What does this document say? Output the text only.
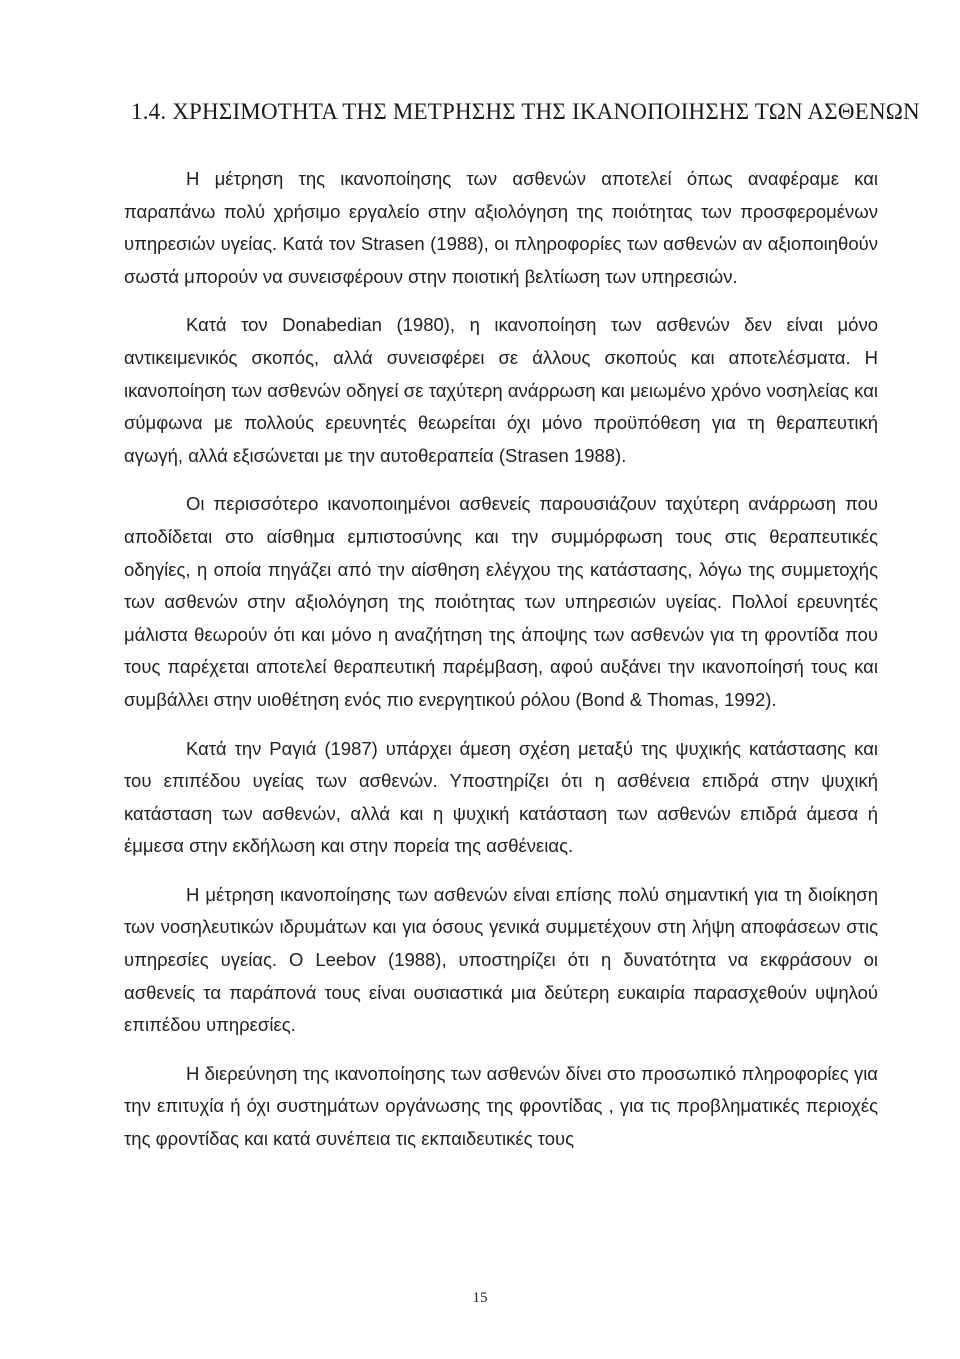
1.4. ΧΡΗΣΙΜΟΤΗΤΑ ΤΗΣ ΜΕΤΡΗΣΗΣ ΤΗΣ ΙΚΑΝΟΠΟΙΗΣΗΣ ΤΩΝ ΑΣΘΕΝΩΝ

Η μέτρηση της ικανοποίησης των ασθενών αποτελεί όπως αναφέραμε και παραπάνω πολύ χρήσιμο εργαλείο στην αξιολόγηση της ποιότητας των προσφερομένων υπηρεσιών υγείας. Κατά τον Strasen (1988), οι πληροφορίες των ασθενών αν αξιοποιηθούν σωστά μπορούν να συνεισφέρουν στην ποιοτική βελτίωση των υπηρεσιών.

Κατά τον Donabedian (1980), η ικανοποίηση των ασθενών δεν είναι μόνο αντικειμενικός σκοπός, αλλά συνεισφέρει σε άλλους σκοπούς και αποτελέσματα. Η ικανοποίηση των ασθενών οδηγεί σε ταχύτερη ανάρρωση και μειωμένο χρόνο νοσηλείας και σύμφωνα με πολλούς ερευνητές θεωρείται όχι μόνο προϋπόθεση για τη θεραπευτική αγωγή, αλλά εξισώνεται με την αυτοθεραπεία (Strasen 1988).

Οι περισσότερο ικανοποιημένοι ασθενείς παρουσιάζουν ταχύτερη ανάρρωση που αποδίδεται στο αίσθημα εμπιστοσύνης και την συμμόρφωση τους στις θεραπευτικές οδηγίες, η οποία πηγάζει από την αίσθηση ελέγχου της κατάστασης, λόγω της συμμετοχής των ασθενών στην αξιολόγηση της ποιότητας των υπηρεσιών υγείας. Πολλοί ερευνητές μάλιστα θεωρούν ότι και μόνο η αναζήτηση της άποψης των ασθενών για τη φροντίδα που τους παρέχεται αποτελεί θεραπευτική παρέμβαση, αφού αυξάνει την ικανοποίησή τους και συμβάλλει στην υιοθέτηση ενός πιο ενεργητικού ρόλου (Bond & Thomas, 1992).

Κατά την Ραγιά (1987) υπάρχει άμεση σχέση μεταξύ της ψυχικής κατάστασης και του επιπέδου υγείας των ασθενών. Υποστηρίζει ότι η ασθένεια επιδρά στην ψυχική κατάσταση των ασθενών, αλλά και η ψυχική κατάσταση των ασθενών επιδρά άμεσα ή έμμεσα στην εκδήλωση και στην πορεία της ασθένειας.

Η μέτρηση ικανοποίησης των ασθενών είναι επίσης πολύ σημαντική για τη διοίκηση των νοσηλευτικών ιδρυμάτων και για όσους γενικά συμμετέχουν στη λήψη αποφάσεων στις υπηρεσίες υγείας. Ο Leebov (1988), υποστηρίζει ότι η δυνατότητα να εκφράσουν οι ασθενείς τα παράπονά τους είναι ουσιαστικά μια δεύτερη ευκαιρία παρασχεθούν υψηλού επιπέδου υπηρεσίες.

Η διερεύνηση της ικανοποίησης των ασθενών δίνει στο προσωπικό πληροφορίες για την επιτυχία ή όχι συστημάτων οργάνωσης της φροντίδας , για τις προβληματικές περιοχές της φροντίδας και κατά συνέπεια τις εκπαιδευτικές τους

15
